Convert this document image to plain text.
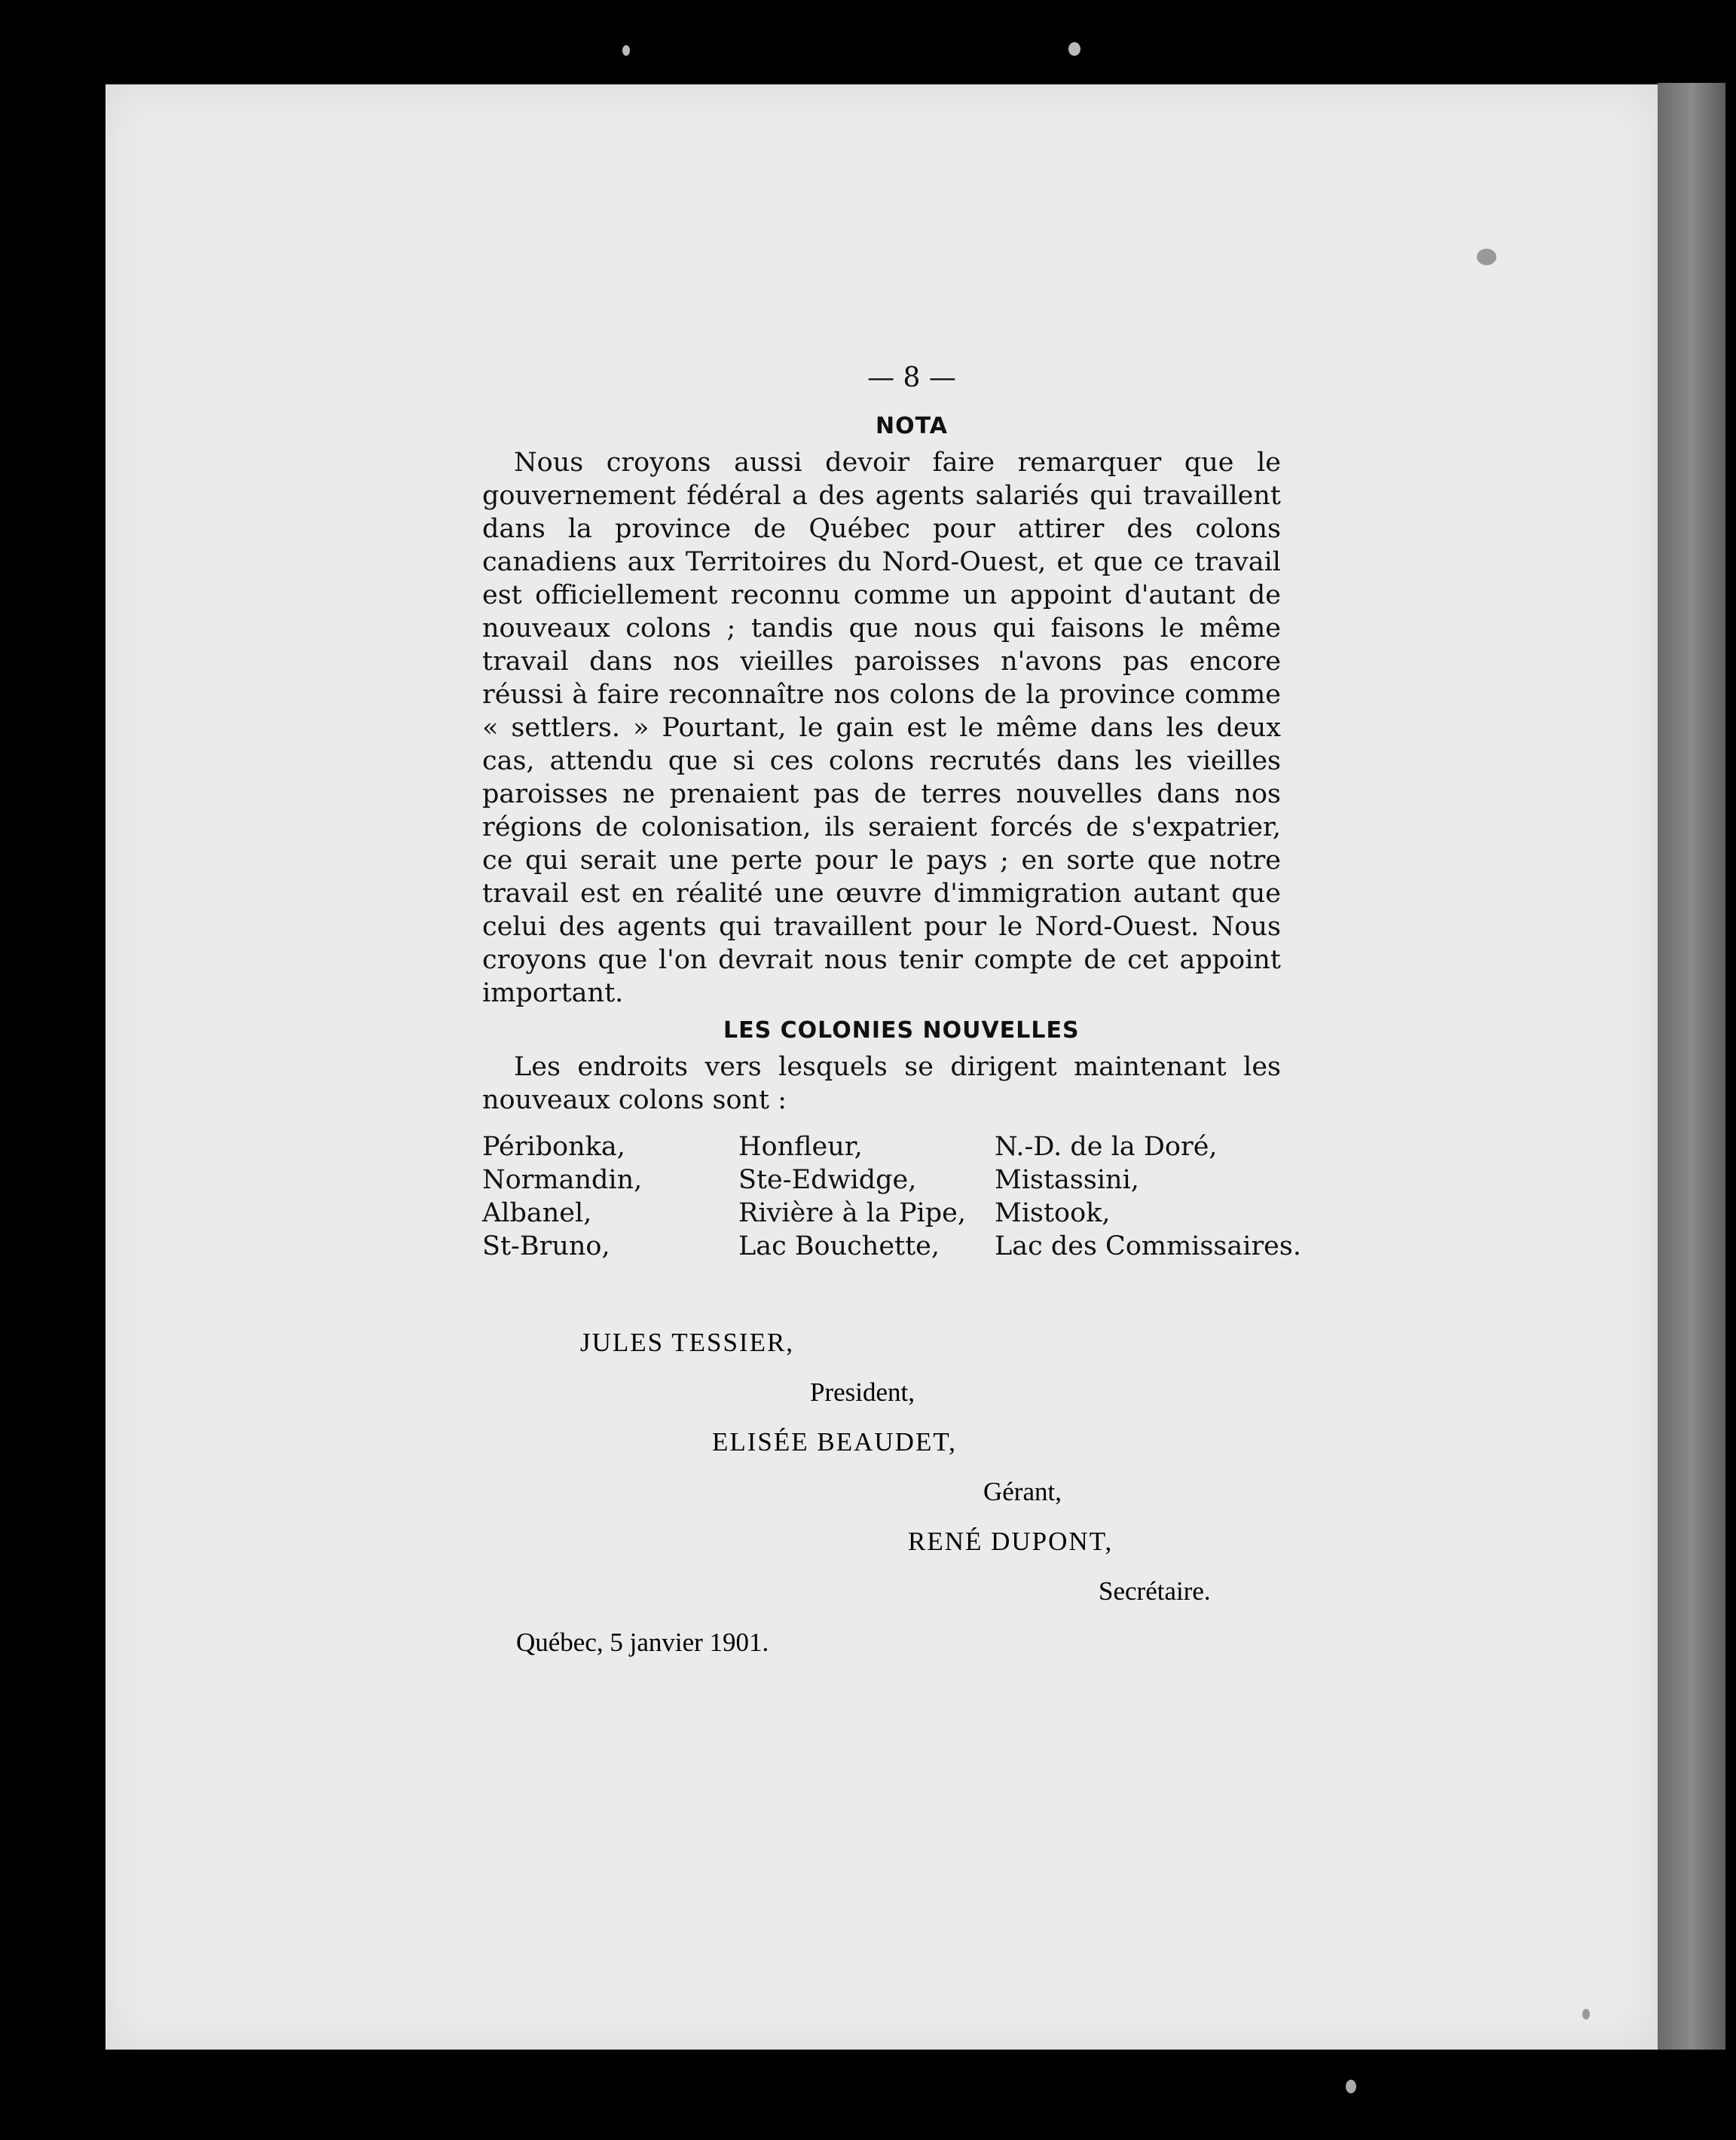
— 8 —
NOTA

Nous croyons aussi devoir faire remarquer que le gouvernement fédéral a des agents salariés qui travaillent dans la province de Québec pour attirer des colons canadiens aux Territoires du Nord-Ouest, et que ce travail est officiellement reconnu comme un appoint d'autant de nouveaux colons ; tandis que nous qui faisons le même travail dans nos vieilles paroisses n'avons pas encore réussi à faire reconnaître nos colons de la province comme « settlers. » Pourtant, le gain est le même dans les deux cas, attendu que si ces colons recrutés dans les vieilles paroisses ne prenaient pas de terres nouvelles dans nos régions de colonisation, ils seraient forcés de s'expatrier, ce qui serait une perte pour le pays ; en sorte que notre travail est en réalité une œuvre d'immigration autant que celui des agents qui travaillent pour le Nord-Ouest. Nous croyons que l'on devrait nous tenir compte de cet appoint important.

LES COLONIES NOUVELLES

Les endroits vers lesquels se dirigent maintenant les nouveaux colons sont :

Péribonka,	Honfleur,	N.-D. de la Doré,
Normandin,	Ste-Edwidge,	Mistassini,
Albanel,	Rivière à la Pipe,	Mistook,
St-Bruno,	Lac Bouchette,	Lac des Commissaires.
JULES TESSIER,
President,
ELISÉE BEAUDET,
Gérant,
RENÉ DUPONT,
Secrétaire.
Québec, 5 janvier 1901.
